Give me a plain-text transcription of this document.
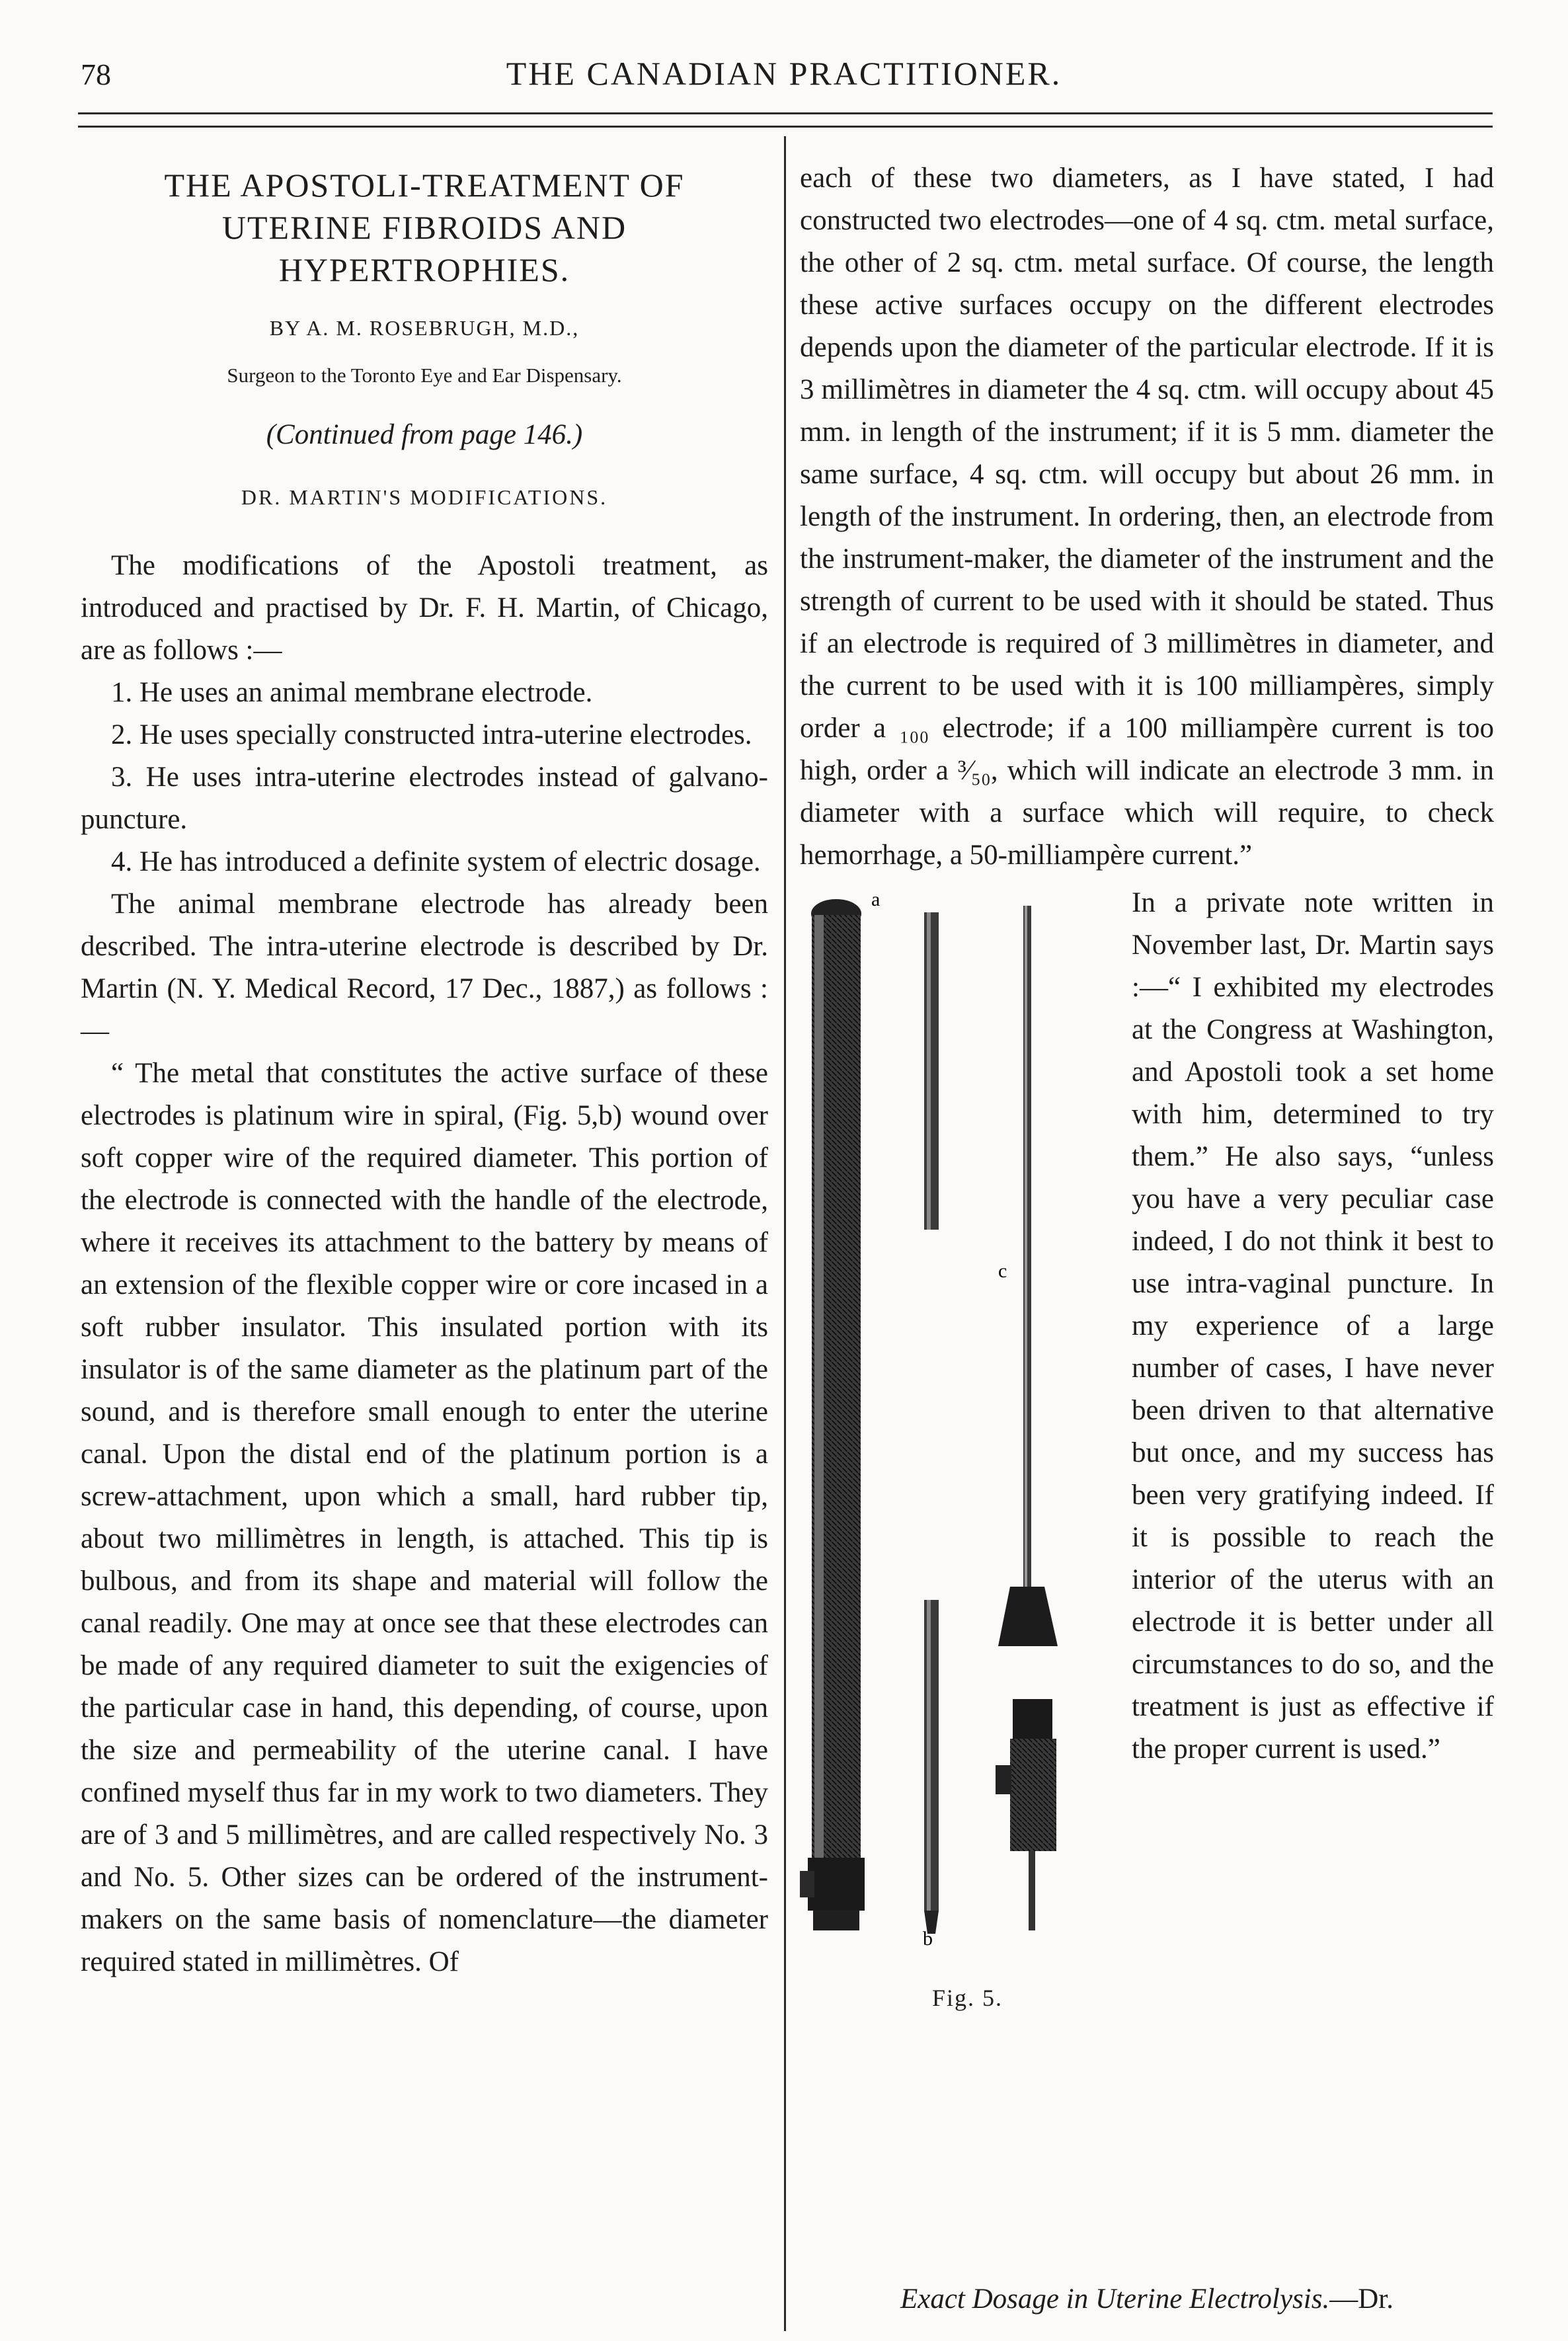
78	THE CANADIAN PRACTITIONER.
THE APOSTOLI-TREATMENT OF
UTERINE FIBROIDS AND
HYPERTROPHIES.
BY A. M. ROSEBRUGH, M.D.,
Surgeon to the Toronto Eye and Ear Dispensary.
(Continued from page 146.)
DR. MARTIN'S MODIFICATIONS.

The modifications of the Apostoli treatment, as introduced and practised by Dr. F. H. Martin, of Chicago, are as follows :—

1. He uses an animal membrane electrode.

2. He uses specially constructed intra-uterine electrodes.

3. He uses intra-uterine electrodes instead of galvano-puncture.

4. He has introduced a definite system of electric dosage.

The animal membrane electrode has already been described. The intra-uterine electrode is described by Dr. Martin (N. Y. Medical Record, 17 Dec., 1887,) as follows :—

“ The metal that constitutes the active surface of these electrodes is platinum wire in spiral, (Fig. 5,b) wound over soft copper wire of the required diameter. This portion of the electrode is connected with the handle of the electrode, where it receives its attachment to the battery by means of an extension of the flexible copper wire or core incased in a soft rubber insulator. This insulated portion with its insulator is of the same diameter as the platinum part of the sound, and is therefore small enough to enter the uterine canal. Upon the distal end of the platinum portion is a screw-attachment, upon which a small, hard rubber tip, about two millimètres in length, is attached. This tip is bulbous, and from its shape and material will follow the canal readily. One may at once see that these electrodes can be made of any required diameter to suit the exigencies of the particular case in hand, this depending, of course, upon the size and permeability of the uterine canal. I have confined myself thus far in my work to two diameters. They are of 3 and 5 millimètres, and are called respectively No. 3 and No. 5. Other sizes can be ordered of the instrument-makers on the same basis of nomenclature—the diameter required stated in millimètres. Of

each of these two diameters, as I have stated, I had constructed two electrodes—one of 4 sq. ctm. metal surface, the other of 2 sq. ctm. metal surface. Of course, the length these active surfaces occupy on the different electrodes depends upon the diameter of the particular electrode. If it is 3 millimètres in diameter the 4 sq. ctm. will occupy about 45 mm. in length of the instrument; if it is 5 mm. diameter the same surface, 4 sq. ctm. will occupy but about 26 mm. in length of the instrument. In ordering, then, an electrode from the instrument-maker, the diameter of the instrument and the strength of current to be used with it should be stated. Thus if an electrode is required of 3 millimètres in diameter, and the current to be used with it is 100 milliampères, simply order a ₁₀₀ electrode; if a 100 milliampère current is too high, order a ³⁄₅₀, which will indicate an electrode 3 mm. in diameter with a surface which will require, to check hemorrhage, a 50-milliampère current.”

a
b
c
Fig. 5.

In a private note written in November last, Dr. Martin says :—“ I exhibited my electrodes at the Congress at Washington, and Apostoli took a set home with him, determined to try them.” He also says, “unless you have a very peculiar case indeed, I do not think it best to use intra-vaginal puncture. In my experience of a large number of cases, I have never been driven to that alternative but once, and my success has been very gratifying indeed. If it is possible to reach the interior of the uterus with an electrode it is better under all circumstances to do so, and the treatment is just as effective if the proper current is used.”

Exact Dosage in Uterine Electrolysis.—Dr.
